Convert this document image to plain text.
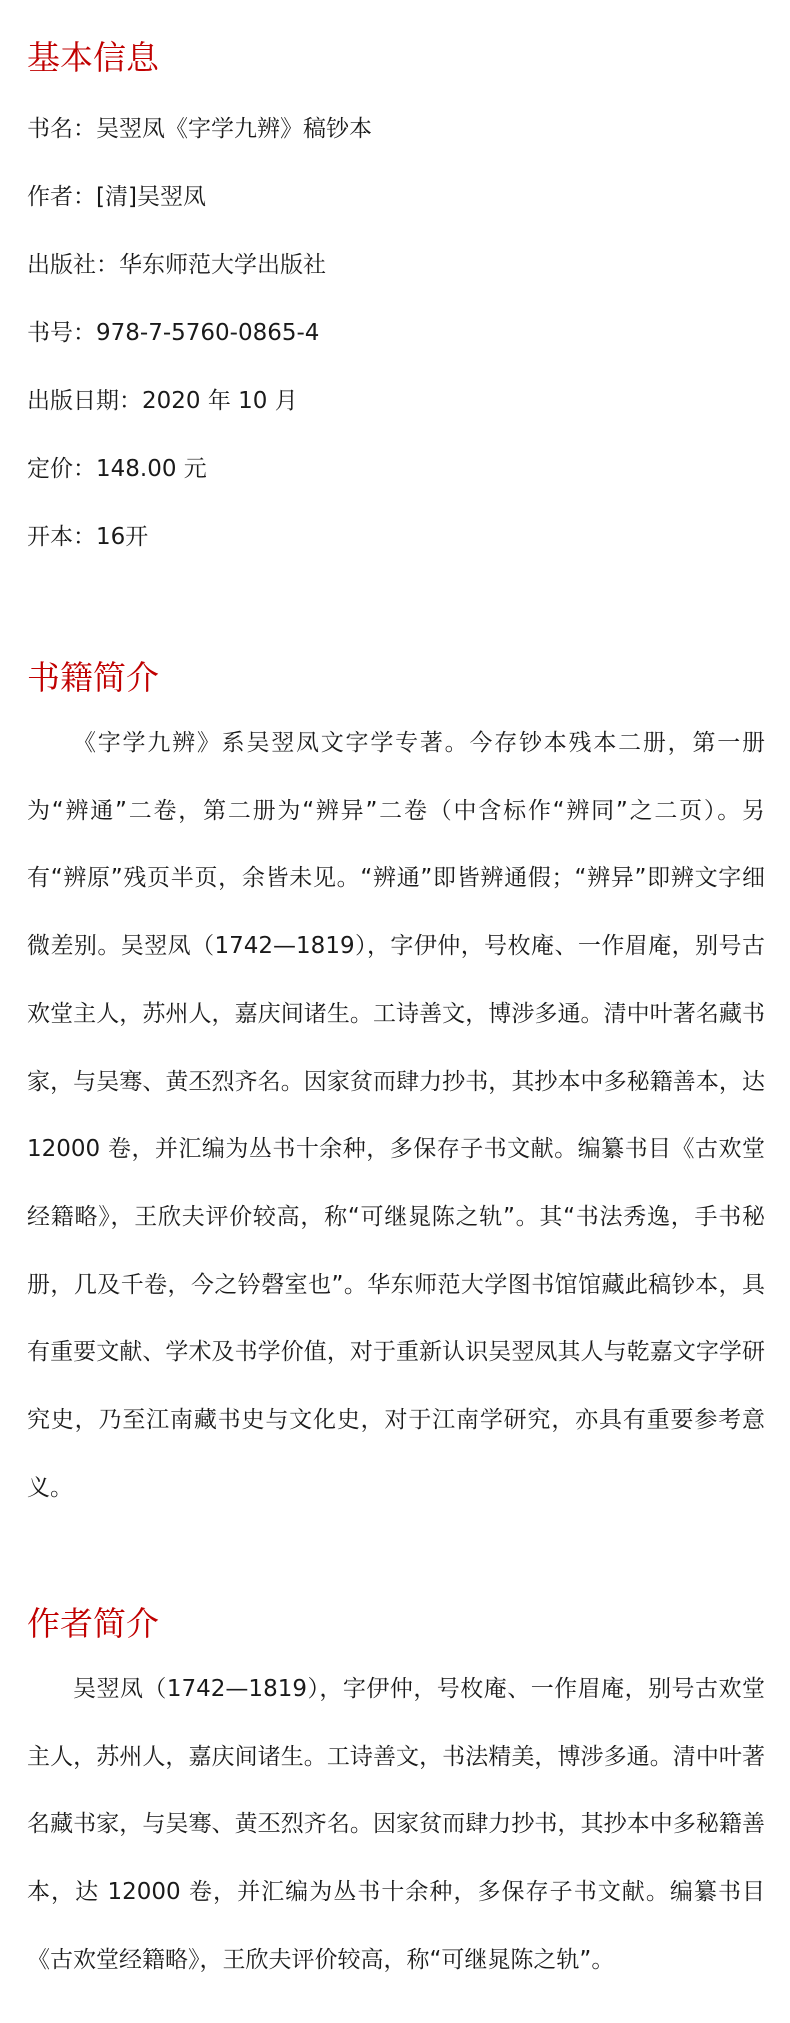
基本信息

书名：吴翌凤《字学九辨》稿钞本

作者：[清]吴翌凤

出版社：华东师范大学出版社

书号：978-7-5760-0865-4

出版日期：2020 年 10 月

定价：148.00 元

开本：16开

书籍简介

《字学九辨》系吴翌凤文字学专著。今存钞本残本二册，第一册为“辨通”二卷，第二册为“辨异”二卷（中含标作“辨同”之二页）。另有“辨原”残页半页，余皆未见。“辨通”即皆辨通假；“辨异”即辨文字细微差别。吴翌凤（1742—1819），字伊仲，号枚庵、一作眉庵，别号古欢堂主人，苏州人，嘉庆间诸生。工诗善文，博涉多通。清中叶著名藏书家，与吴骞、黄丕烈齐名。因家贫而肆力抄书，其抄本中多秘籍善本，达 12000 卷，并汇编为丛书十余种，多保存子书文献。编纂书目《古欢堂经籍略》，王欣夫评价较高，称“可继晁陈之轨”。其“书法秀逸，手书秘册，几及千卷，今之钤磬室也”。华东师范大学图书馆馆藏此稿钞本，具有重要文献、学术及书学价值，对于重新认识吴翌凤其人与乾嘉文字学研究史，乃至江南藏书史与文化史，对于江南学研究，亦具有重要参考意义。

作者简介

吴翌凤（1742—1819），字伊仲，号枚庵、一作眉庵，别号古欢堂主人，苏州人，嘉庆间诸生。工诗善文，书法精美，博涉多通。清中叶著名藏书家，与吴骞、黄丕烈齐名。因家贫而肆力抄书，其抄本中多秘籍善本，达 12000 卷，并汇编为丛书十余种，多保存子书文献。编纂书目《古欢堂经籍略》，王欣夫评价较高，称“可继晁陈之轨”。
